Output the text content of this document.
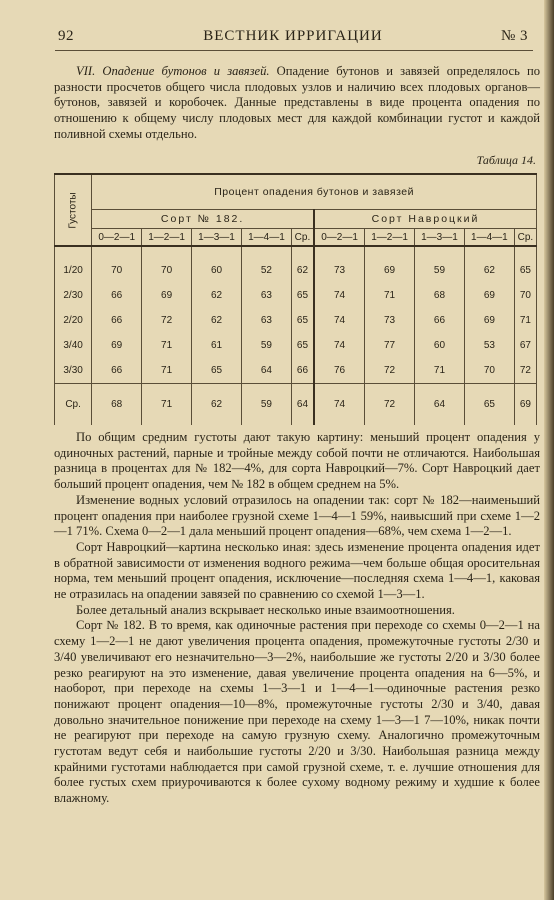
92	ВЕСТНИК ИРРИГАЦИИ	№ 3

VII. Опадение бутонов и завязей. Опадение бутонов и завязей определялось по разности просчетов общего числа плодовых узлов и наличию всех плодовых органов—бутонов, завязей и коробочек. Данные представлены в виде процента опадения по отношению к общему числу плодовых мест для каждой комбинации густот и каждой поливной схемы отдельно.

Таблица 14.
Густоты	Процент опадения бутонов и завязей									
	Сорт № 182.					Сорт Навроцкий				
	0—2—1	1—2—1	1—3—1	1—4—1	Ср.	0—2—1	1—2—1	1—3—1	1—4—1	Ср.

1/20	70	70	60	52	62	73	69	59	62	65
2/30	66	69	62	63	65	74	71	68	69	70
2/20	66	72	62	63	65	74	73	66	69	71
3/40	69	71	61	59	65	74	77	60	53	67
3/30	66	71	65	64	66	76	72	71	70	72
Ср.	68	71	62	59	64	74	72	64	65	69

По общим средним густоты дают такую картину: меньший процент опадения у одиночных растений, парные и тройные между собой почти не отличаются. Наибольшая разница в процентах для № 182—4%, для сорта Навроцкий—7%. Сорт Навроцкий дает больший процент опадения, чем № 182 в общем среднем на 5%.

Изменение водных условий отразилось на опадении так: сорт № 182—наименьший процент опадения при наиболее грузной схеме 1—4—1 59%, наивысший при схеме 1—2—1 71%. Схема 0—2—1 дала меньший процент опадения—68%, чем схема 1—2—1.

Сорт Навроцкий—картина несколько иная: здесь изменение процента опадения идет в обратной зависимости от изменения водного режима—чем больше общая оросительная норма, тем меньший процент опадения, исключение—последняя схема 1—4—1, каковая не отразилась на опадении завязей по сравнению со схемой 1—3—1.

Более детальный анализ вскрывает несколько иные взаимоотношения.

Сорт № 182. В то время, как одиночные растения при переходе со схемы 0—2—1 на схему 1—2—1 не дают увеличения процента опадения, промежуточные густоты 2/30 и 3/40 увеличивают его незначительно—3—2%, наибольшие же густоты 2/20 и 3/30 более резко реагируют на это изменение, давая увеличение процента опадения на 6—5%, и наоборот, при переходе на схемы 1—3—1 и 1—4—1—одиночные растения резко понижают процент опадения—10—8%, промежуточные густоты 2/30 и 3/40, давая довольно значительное понижение при переходе на схему 1—3—1 7—10%, никак почти не реагируют при переходе на самую грузную схему. Аналогично промежуточным густотам ведут себя и наибольшие густоты 2/20 и 3/30. Наибольшая разница между крайними густотами наблюдается при самой грузной схеме, т. е. лучшие отношения для более густых схем приурочиваются к более сухому водному режиму и худшие к более влажному.
